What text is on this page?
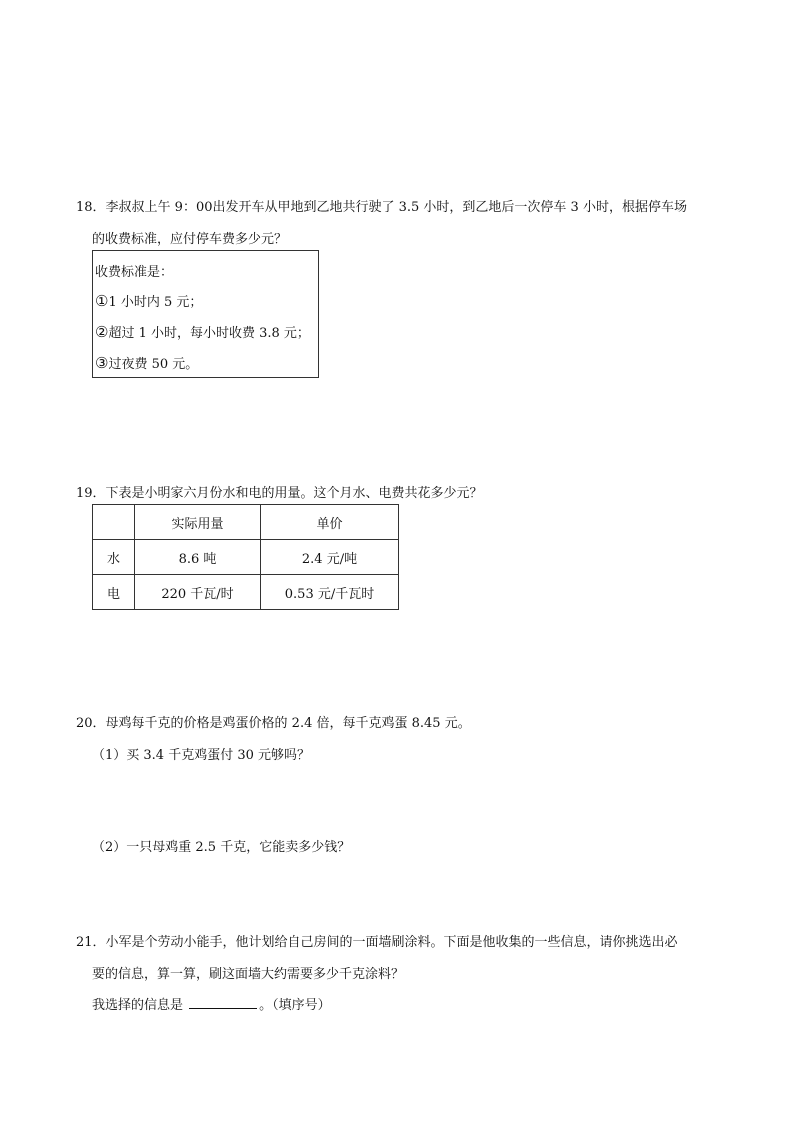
18．李叔叔上午 9：00出发开车从甲地到乙地共行驶了 3.5 小时，到乙地后一次停车 3 小时，根据停车场
的收费标准，应付停车费多少元？
收费标准是：
①1 小时内 5 元；
②超过 1 小时，每小时收费 3.8 元；
③过夜费 50 元。
19．下表是小明家六月份水和电的用量。这个月水、电费共花多少元？
	实际用量	单价
水	8.6 吨	2.4 元/吨
电	220 千瓦/时	0.53 元/千瓦时
20．母鸡每千克的价格是鸡蛋价格的 2.4 倍，每千克鸡蛋 8.45 元。
（1）买 3.4 千克鸡蛋付 30 元够吗？
（2）一只母鸡重 2.5 千克，它能卖多少钱？
21．小军是个劳动小能手，他计划给自己房间的一面墙刷涂料。下面是他收集的一些信息，请你挑选出必
要的信息，算一算，刷这面墙大约需要多少千克涂料？
我选择的信息是	。（填序号）
